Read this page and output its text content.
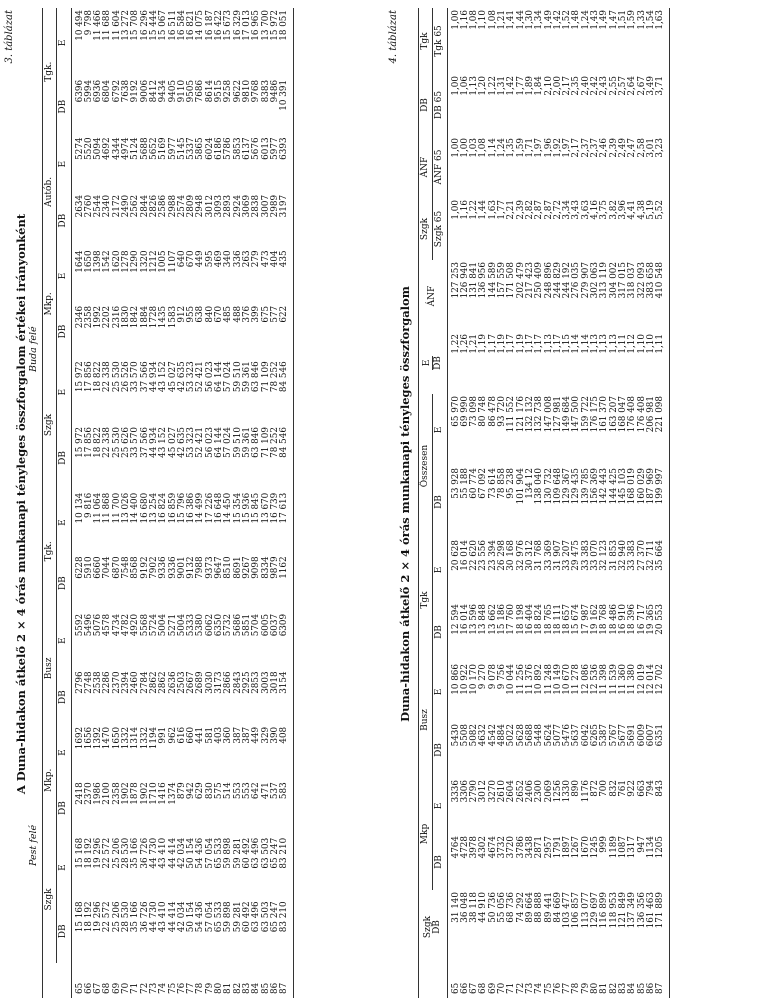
3. táblázat
A Duna-hidakon átkelő 2 × 4 órás munkanapi tényleges összforgalom értékei irányonként
Pest felé
Buda felé
	Szgk		Mkp.		Busz		Tgk.		Szgk		Mkp.		Autób.		Tgk.	
	DB	E	DB	E	DB	E	DB	E	DB	E	DB	E	DB	E	DB	E
65	15 168	15 168	2418	1692	2796	5592	6228	10 134	15 972	15 972	2346	1644	2634	5274	6396	10 494
66	18 192	18 192	2370	1656	2748	5496	5910	9 816	17 856	17 856	2358	1650	2760	5520	5994	9 798
67	19 296	19 296	1986	1392	2538	5076	6660	11 064	18 822	18 822	1992	1398	2544	5094	6936	11 466
68	22 572	22 572	2100	1470	2286	4578	7044	11 868	22 338	22 338	2202	1542	2340	4692	6804	11 688
69	25 206	25 206	2358	1650	2370	4734	6870	11 700	25 530	25 530	2316	1620	2172	4344	6792	11 604
70	28 530	28 530	1902	1332	2394	4782	7548	13 026	25 626	26 526	1830	1278	2490	4974	7638	13 272
71	35 166	35 166	1878	1314	2460	4920	8568	14 400	33 570	33 570	1842	1290	2562	5124	9192	15 708
72	36 726	36 726	1902	1332	2784	5568	9192	16 680	37 566	37 566	1884	1320	2844	5688	9006	16 296
73	44 730	44 730	1710	1194	2862	5724	7902	13 254	44 934	44 934	1728	1212	2826	5652	8412	15 444
74	43 410	43 410	1416	991	2862	5004	9336	16 824	43 152	43 152	1435	1005	2586	5169	9434	15 067
75	44 414	44 414	1374	962	2636	5271	9336	16 859	45 027	45 027	1583	1107	2988	5977	9405	16 511
76	42 034	42 034	879	616	2503	5004	9001	15 796	42 635	42 635	912	640	2574	5145	9110	16 584
77	50 154	50 154	942	660	2667	5333	9132	16 386	53 323	53 323	955	670	2809	5337	9505	16 821
78	54 436	54 436	629	441	2689	5380	7988	14 499	52 421	52 421	638	449	2948	5865	7686	14 075
79	57 054	57 054	830	581	3030	6062	9373	17 226	56 023	56 023	840	595	3012	6024	8614	16 187
80	65 533	65 533	575	403	3173	6350	9647	16 648	64 144	64 144	670	469	3093	6186	9515	16 422
81	59 898	59 898	514	360	2866	5732	8510	14 450	57 024	57 024	485	340	2893	5786	9258	15 673
82	59 281	59 281	553	387	2843	5686	8691	15 354	59 510	59 510	488	336	2924	5853	9622	16 329
83	60 492	60 492	553	387	2925	5851	9267	15 936	59 361	59 361	376	263	3069	6137	9810	17 013
84	63 496	63 496	642	449	2853	5704	9098	15 845	63 846	63 846	399	279	2838	5676	9768	16 965
85	63 503	63 503	471	329	3003	6005	8334	13 670	71 109	71 109	675	473	3007	6013	8383	13 700
86	65 247	65 247	537	390	3018	6037	9879	16 739	78 252	78 252	577	404	2989	5977	9486	15 972
87	83 210	83 210	583	408	3154	6309	1162	17 613	84 546	84 546	622	435	3197	6393	10 391	18 051	4. táblázat
Duna-hidakon átkelő 2 × 4 órás munkanapi tényleges összforgalom
	Szgk
DB	Mkp		Busz		Tgk		Összesen		E DB	ÁNF	Szgk	ÁNF	DB	Tgk
		DB	E	DB	E	DB	E	DB	E			Szgk 65	ÁNF 65	DB 65	Tgk 65
65	31 140	4764	3336	5430	10 866	12 594	20 628	53 928	65 970	1,22	127 253	1,00	1,00	1,00	1,00
66	36 048	4728	3306	5508	10 922	16 014	16 014	55 188	69 990	1,26	126 940	1,16	1,00	1,06	1,16
67	38 118	3978	2790	5082	10 170	13 596	22 620	60 774	73 098	1,21	131 841	1,22	1,03	1,13	1,08
68	44 910	4302	3012	4632	9 270	13 848	23 556	67 092	80 748	1,19	136 956	1,44	1,08	1,20	1,10
69	50 736	4674	3270	4542	9 078	13 662	23 394	73 614	86 478	1,17	144 589	1,63	1,14	1,22	1,08
70	55 056	3732	2610	4884	9 756	15 186	26 298	78 858	93 720	1,19	157 559	1,77	1,24	1,31	1,21
71	68 736	3720	2604	5022	10 044	17 760	30 168	95 238	111 552	1,17	171 508	2,21	1,35	1,42	1,41
72	74 292	3786	2652	5628	11 256	18 198	32 976	101 904	121 176	1,19	202 479	2,39	1,59	1,77	1,44
73	89 664	3438	2406	5688	11 376	16 404	30 312	134 12	132 132	1,17	217 423	2,82	1,71	1,89	1,30
74	88 888	2871	2300	5448	10 892	18 824	31 768	138 040	132 738	1,17	250 409	2,87	1,97	1,84	1,34
75	89 441	2957	2069	5624	11 248	18 765	33 369	130 732	147 008	1,13	248 896	2,87	1,96	2,10	1,49
76	84 669	1791	1256	5077	10 149	18 111	31 907	109 648	127 981	1,17	244 829	2,72	1,92	2,00	1,42
77	103 477	1897	1330	5476	10 670	18 657	33 207	129 367	149 684	1,15	244 192	3,34	1,97	2,17	1,52
78	106 857	1267	890	5637	11 278	15 674	29 475	129 435	147 500	1,14	276 035	3,43	2,17	2,35	1,48
79	113 077	1670	1176	6042	12 086	17 987	33 383	139 785	159 722	1,14	279 907	3,63	2,37	2,40	1,24
80	129 697	1245	872	6265	12 536	19 162	33 070	156 369	176 175	1,13	302 063	4,16	2,37	2,42	1,43
81	116 899	999	700	5387	11 398	18 768	32 123	142 443	161 370	1,13	313 119	3,75	2,46	2,43	1,49
82	118 953	1189	832	5767	11 539	18 486	31 853	144 425	163 207	1,13	304 002	3,82	2,39	2,55	1,47
83	121 849	1087	761	5677	11 360	16 910	32 940	145 103	168 047	1,11	317 015	3,96	2,49	2,57	1,51
84	137 349	1317	922	5691	11 380	18 396	33 383	168 019	176 408	1,12	318 037	4,41	2,47	2,64	1,59
85	136 356	947	663	6009	12 019	16 717	27 370	160 029	176 408	1,10	322 093	4,38	2,58	2,67	1,33
86	161 463	1134	794	6007	12 014	19 365	32 711	187 969	206 981	1,10	383 658	5,19	3,01	3,49	1,54
87	171 889	1205	843	6351	12 702	20 553	35 664	199 997	221 098	1,11	410 548	5,52	3,23	3,71	1,63
